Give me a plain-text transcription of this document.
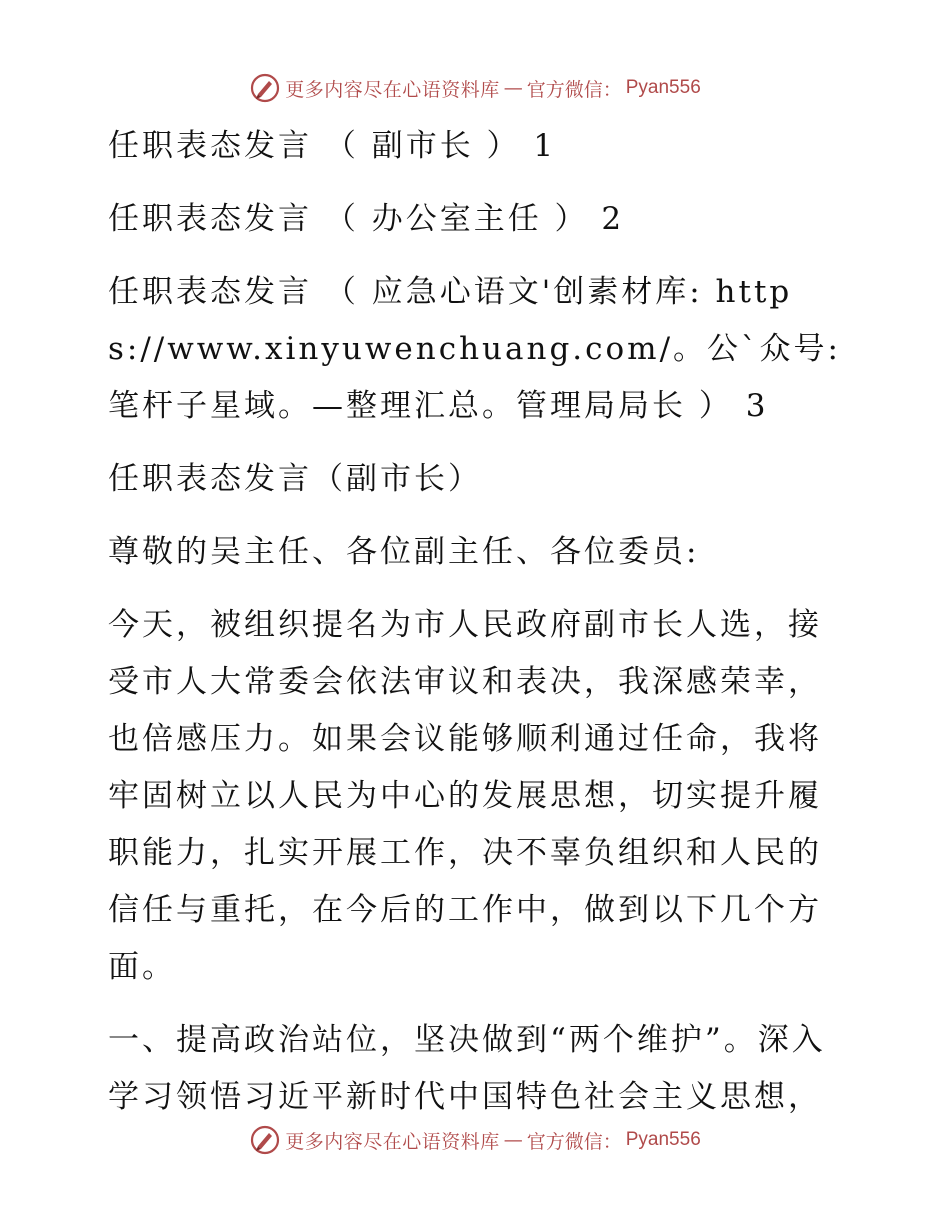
更多内容尽在心语资料库 — 官方微信： Pyan556

任职表态发言 （ 副市长 ） 1

任职表态发言 （ 办公室主任 ） 2

任职表态发言 （ 应急心语文'创素材库: https://www.xinyuwenchuang.com/。公`众号: 笔杆子星域。—整理汇总。管理局局长 ） 3

任职表态发言（副市长）

尊敬的吴主任、各位副主任、各位委员:

今天，被组织提名为市人民政府副市长人选，接受市人大常委会依法审议和表决，我深感荣幸，也倍感压力。如果会议能够顺利通过任命，我将牢固树立以人民为中心的发展思想，切实提升履职能力，扎实开展工作，决不辜负组织和人民的信任与重托，在今后的工作中，做到以下几个方面。

一、提高政治站位，坚决做到“两个维护”。深入学习领悟习近平新时代中国特色社会主义思想，

更多内容尽在心语资料库 — 官方微信： Pyan556
